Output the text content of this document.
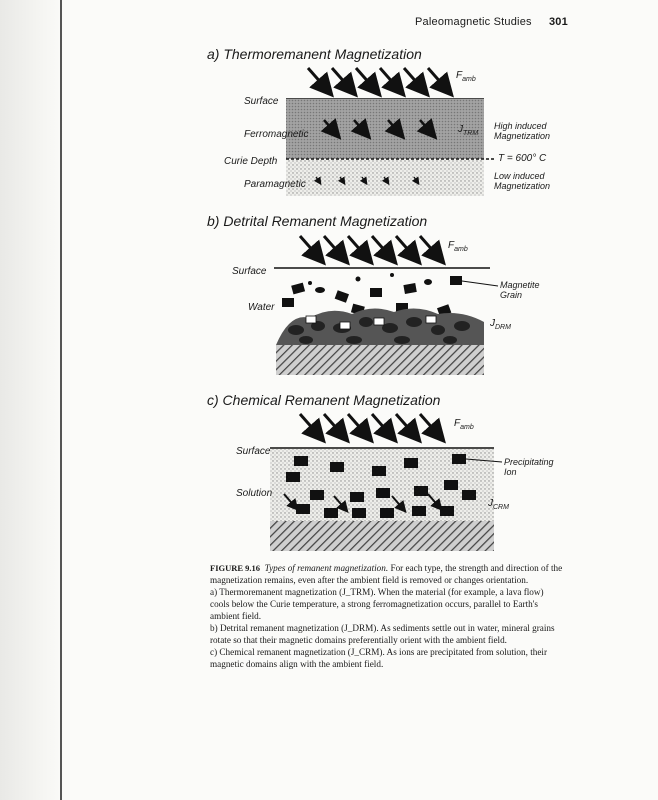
Paleomagnetic Studies 301
a) Thermoremanent Magnetization
$F_{amb}$
Surface
Ferromagnetic
Curie Depth
Paramagnetic
$J_{TRM}$
High induced Magnetization
T = 600° C
Low induced Magnetization
b) Detrital Remanent Magnetization
$F_{amb}$
Surface
Water
Magnetite Grain
$J_{DRM}$
c) Chemical Remanent Magnetization
$F_{amb}$
Surface
Solution
Precipitating Ion
$J_{CRM}$

FIGURE 9.16 Types of remanent magnetization. For each type, the strength and direction of the magnetization remains, even after the ambient field is removed or changes orientation.

a) Thermoremanent magnetization (J_TRM). When the material (for example, a lava flow) cools below the Curie temperature, a strong ferromagnetization occurs, parallel to Earth's ambient field.

b) Detrital remanent magnetization (J_DRM). As sediments settle out in water, mineral grains rotate so that their magnetic domains preferentially orient with the ambient field.

c) Chemical remanent magnetization (J_CRM). As ions are precipitated from solution, their magnetic domains align with the ambient field.
